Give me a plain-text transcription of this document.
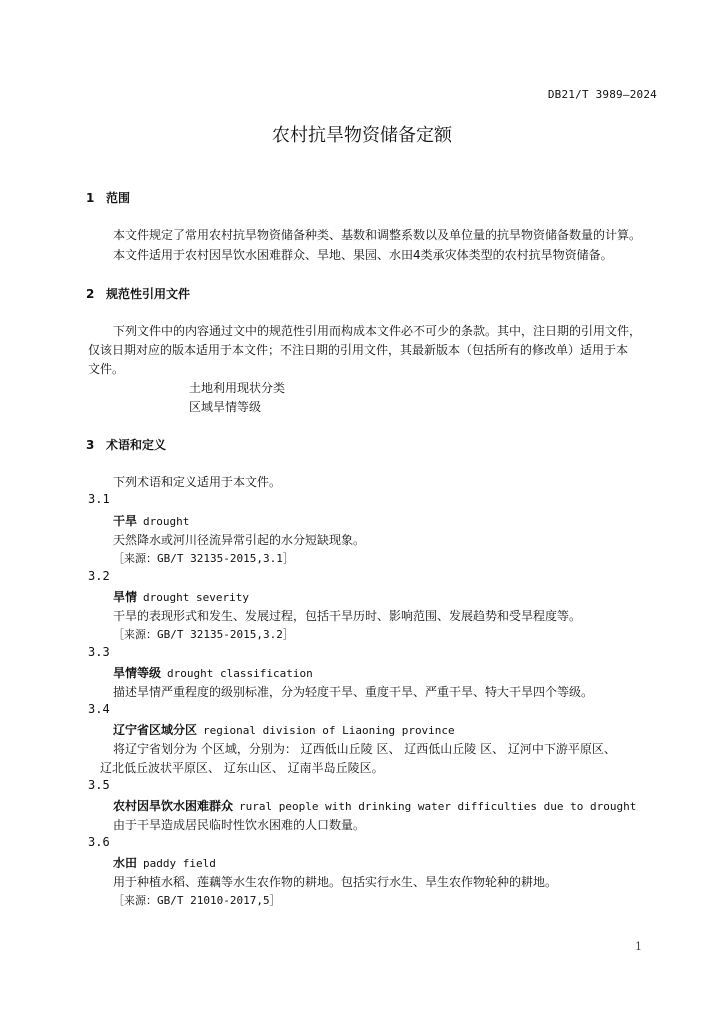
DB21/T 3989—2024
农村抗旱物资储备定额
1 范围
本文件规定了常用农村抗旱物资储备种类、基数和调整系数以及单位量的抗旱物资储备数量的计算。
本文件适用于农村因旱饮水困难群众、旱地、果园、水田4类承灾体类型的农村抗旱物资储备。
2 规范性引用文件
下列文件中的内容通过文中的规范性引用而构成本文件必不可少的条款。其中，注日期的引用文件，
仅该日期对应的版本适用于本文件；不注日期的引用文件，其最新版本（包括所有的修改单）适用于本
文件。
土地利用现状分类
区域旱情等级
3 术语和定义
下列术语和定义适用于本文件。
3.1
干旱 drought
天然降水或河川径流异常引起的水分短缺现象。
［来源：GB/T 32135-2015,3.1］
3.2
旱情 drought severity
干旱的表现形式和发生、发展过程，包括干旱历时、影响范围、发展趋势和受旱程度等。
［来源：GB/T 32135-2015,3.2］
3.3
旱情等级 drought classification
描述旱情严重程度的级别标准，分为轻度干旱、重度干旱、严重干旱、特大干旱四个等级。
3.4
辽宁省区域分区 regional division of Liaoning province
将辽宁省划分为 个区域，分别为： 辽西低山丘陵 区、 辽西低山丘陵 区、 辽河中下游平原区、
辽北低丘波状平原区、 辽东山区、 辽南半岛丘陵区。
3.5
农村因旱饮水困难群众 rural people with drinking water difficulties due to drought
由于干旱造成居民临时性饮水困难的人口数量。
3.6
水田 paddy field
用于种植水稻、莲藕等水生农作物的耕地。包括实行水生、旱生农作物轮种的耕地。
［来源：GB/T 21010-2017,5］
1
